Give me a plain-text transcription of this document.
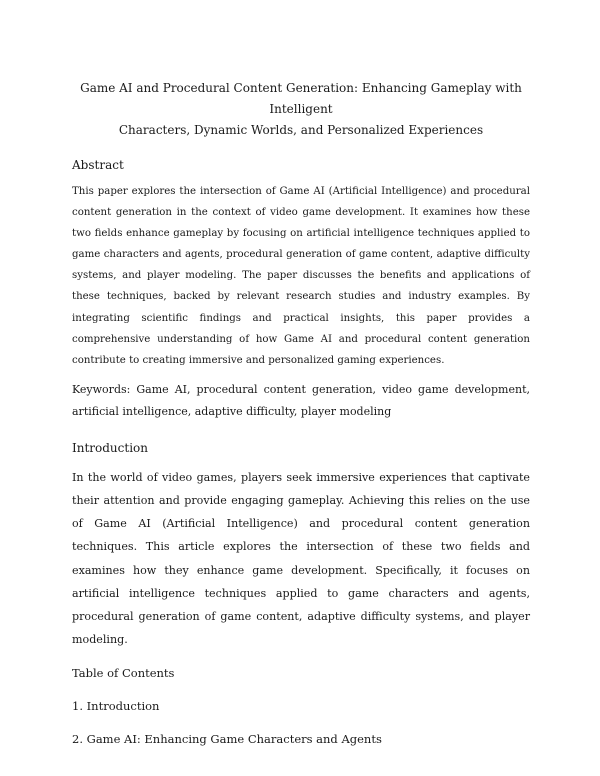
Game AI and Procedural Content Generation: Enhancing Gameplay with Intelligent
Characters, Dynamic Worlds, and Personalized Experiences
Abstract
This paper explores the intersection of Game AI (Artificial Intelligence) and procedural content generation in the context of video game development. It examines how these two fields enhance gameplay by focusing on artificial intelligence techniques applied to game characters and agents, procedural generation of game content, adaptive difficulty systems, and player modeling. The paper discusses the benefits and applications of these techniques, backed by relevant research studies and industry examples. By integrating scientific findings and practical insights, this paper provides a comprehensive understanding of how Game AI and procedural content generation contribute to creating immersive and personalized gaming experiences.
Keywords: Game AI, procedural content generation, video game development, artificial intelligence, adaptive difficulty, player modeling
Introduction
In the world of video games, players seek immersive experiences that captivate their attention and provide engaging gameplay. Achieving this relies on the use of Game AI (Artificial Intelligence) and procedural content generation techniques. This article explores the intersection of these two fields and examines how they enhance game development. Specifically, it focuses on artificial intelligence techniques applied to game characters and agents, procedural generation of game content, adaptive difficulty systems, and player modeling.
Table of Contents
1. Introduction
2. Game AI: Enhancing Game Characters and Agents
